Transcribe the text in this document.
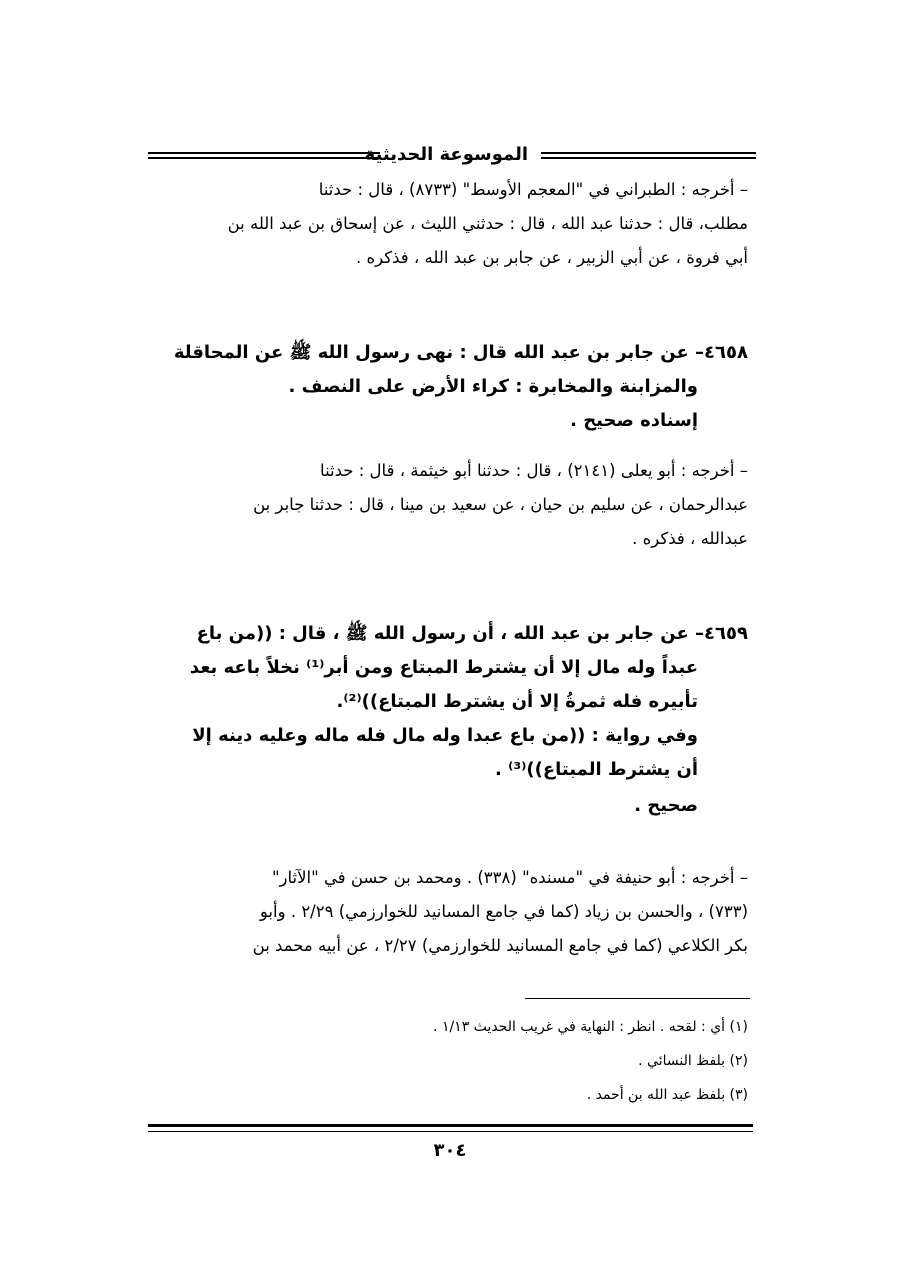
الموسوعة الحديثية
– أخرجه : الطبراني في "المعجم الأوسط" (٨٧٣٣) ، قال : حدثنا
مطلب، قال : حدثنا عبد الله ، قال : حدثني الليث ، عن إسحاق بن عبد الله بن
أبي فروة ، عن أبي الزبير ، عن جابر بن عبد الله ، فذكره .
٤٦٥٨– عن جابر بن عبد الله قال : نهى رسول الله ﷺ عن المحاقلة
والمزابنة والمخابرة : كراء الأرض على النصف .
إسناده صحيح .
– أخرجه : أبو يعلى (٢١٤١) ، قال : حدثنا أبو خيثمة ، قال : حدثنا
عبدالرحمان ، عن سليم بن حيان ، عن سعيد بن مينا ، قال : حدثنا جابر بن
عبدالله ، فذكره .
٤٦٥٩– عن جابر بن عبد الله ، أن رسول الله ﷺ ، قال : ((من باع
عبداً وله مال إلا أن يشترط المبتاع ومن أبر⁽¹⁾ نخلاً باعه بعد
تأبيره فله ثمرةُ إلا أن يشترط المبتاع))⁽²⁾.
وفي رواية : ((من باع عبدا وله مال فله ماله وعليه دينه إلا
أن يشترط المبتاع))⁽³⁾ .
صحيح .
– أخرجه : أبو حنيفة في "مسنده" (٣٣٨) . ومحمد بن حسن في "الآثار"
(٧٣٣) ، والحسن بن زياد (كما في جامع المسانيد للخوارزمي) ٢/٢٩ . وأبو
بكر الكلاعي (كما في جامع المسانيد للخوارزمي) ٢/٢٧ ، عن أبيه محمد بن
(١) أي : لقحه . انظر : النهاية في غريب الحديث ١/١٣ .
(٢) بلفظ النسائي .
(٣) بلفظ عبد الله بن أحمد .
٣٠٤
